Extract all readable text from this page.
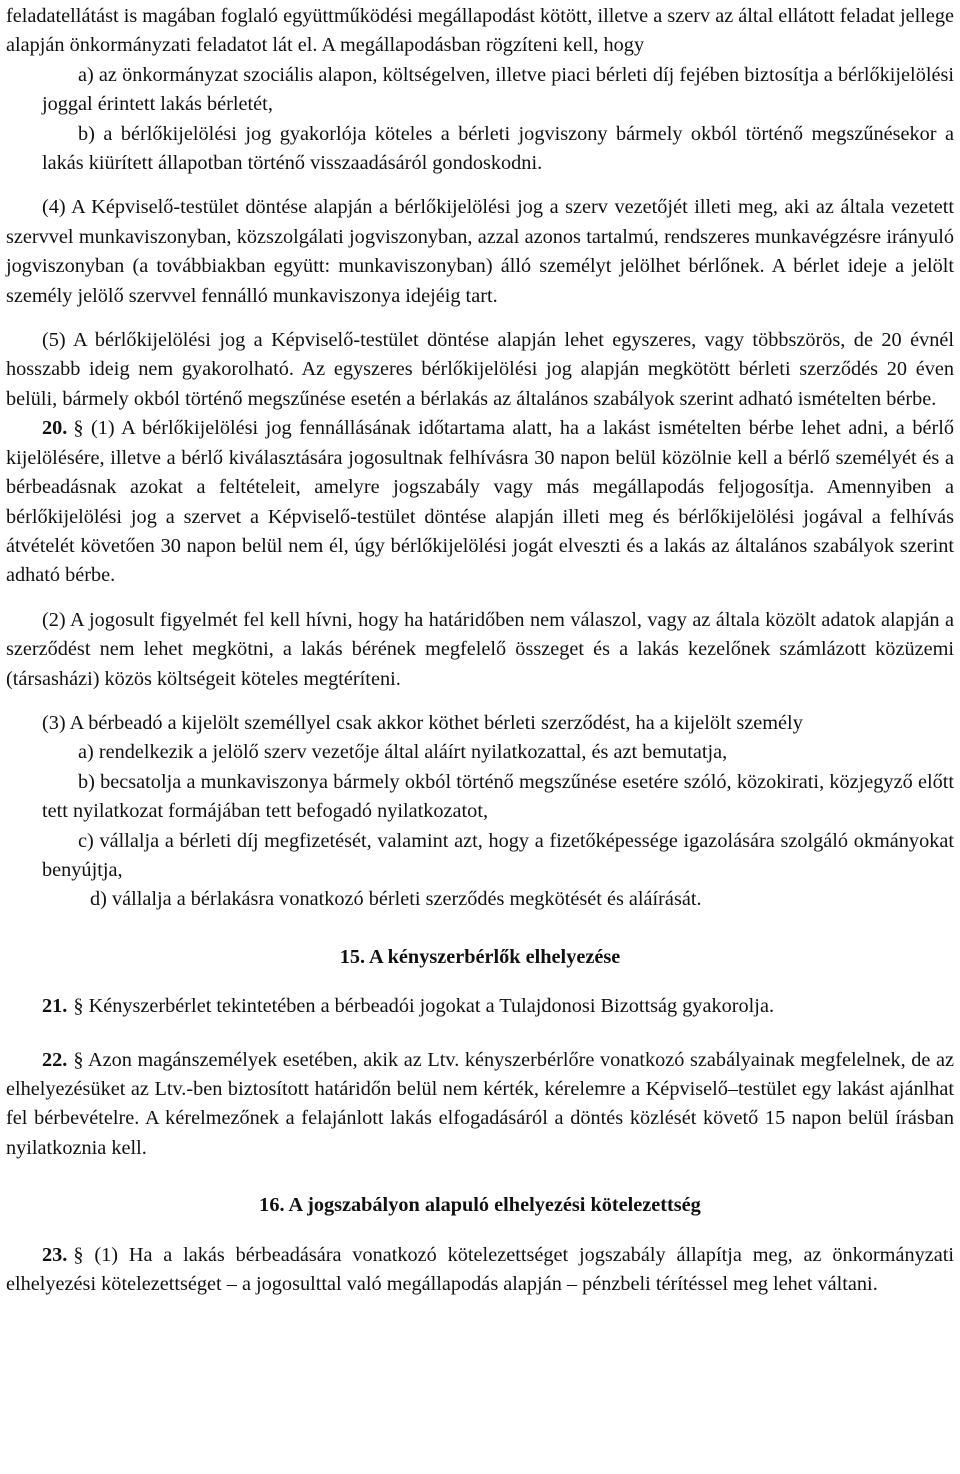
feladatellátást is magában foglaló együttműködési megállapodást kötött, illetve a szerv az által ellátott feladat jellege alapján önkormányzati feladatot lát el. A megállapodásban rögzíteni kell, hogy

a) az önkormányzat szociális alapon, költségelven, illetve piaci bérleti díj fejében biztosítja a bérlőkijelölési joggal érintett lakás bérletét,

b) a bérlőkijelölési jog gyakorlója köteles a bérleti jogviszony bármely okból történő megszűnésekor a lakás kiürített állapotban történő visszaadásáról gondoskodni.

(4) A Képviselő-testület döntése alapján a bérlőkijelölési jog a szerv vezetőjét illeti meg, aki az általa vezetett szervvel munkaviszonyban, közszolgálati jogviszonyban, azzal azonos tartalmú, rendszeres munkavégzésre irányuló jogviszonyban (a továbbiakban együtt: munkaviszonyban) álló személyt jelölhet bérlőnek. A bérlet ideje a jelölt személy jelölő szervvel fennálló munkaviszonya idejéig tart.

(5) A bérlőkijelölési jog a Képviselő-testület döntése alapján lehet egyszeres, vagy többszörös, de 20 évnél hosszabb ideig nem gyakorolható. Az egyszeres bérlőkijelölési jog alapján megkötött bérleti szerződés 20 éven belüli, bármely okból történő megszűnése esetén a bérlakás az általános szabályok szerint adható ismételten bérbe.

20. § (1) A bérlőkijelölési jog fennállásának időtartama alatt, ha a lakást ismételten bérbe lehet adni, a bérlő kijelölésére, illetve a bérlő kiválasztására jogosultnak felhívásra 30 napon belül közölnie kell a bérlő személyét és a bérbeadásnak azokat a feltételeit, amelyre jogszabály vagy más megállapodás feljogosítja. Amennyiben a bérlőkijelölési jog a szervet a Képviselő-testület döntése alapján illeti meg és bérlőkijelölési jogával a felhívás átvételét követően 30 napon belül nem él, úgy bérlőkijelölési jogát elveszti és a lakás az általános szabályok szerint adható bérbe.

(2) A jogosult figyelmét fel kell hívni, hogy ha határidőben nem válaszol, vagy az általa közölt adatok alapján a szerződést nem lehet megkötni, a lakás bérének megfelelő összeget és a lakás kezelőnek számlázott közüzemi (társasházi) közös költségeit köteles megtéríteni.

(3) A bérbeadó a kijelölt személlyel csak akkor köthet bérleti szerződést, ha a kijelölt személy

a) rendelkezik a jelölő szerv vezetője által aláírt nyilatkozattal, és azt bemutatja,

b) becsatolja a munkaviszonya bármely okból történő megszűnése esetére szóló, közokirati, közjegyző előtt tett nyilatkozat formájában tett befogadó nyilatkozatot,

c) vállalja a bérleti díj megfizetését, valamint azt, hogy a fizetőképessége igazolására szolgáló okmányokat benyújtja,

d) vállalja a bérlakásra vonatkozó bérleti szerződés megkötését és aláírását.

15. A kényszerbérlők elhelyezése

21. § Kényszerbérlet tekintetében a bérbeadói jogokat a Tulajdonosi Bizottság gyakorolja.

22. § Azon magánszemélyek esetében, akik az Ltv. kényszerbérlőre vonatkozó szabályainak megfelelnek, de az elhelyezésüket az Ltv.-ben biztosított határidőn belül nem kérték, kérelemre a Képviselő–testület egy lakást ajánlhat fel bérbevételre. A kérelmezőnek a felajánlott lakás elfogadásáról a döntés közlését követő 15 napon belül írásban nyilatkoznia kell.

16. A jogszabályon alapuló elhelyezési kötelezettség

23. § (1) Ha a lakás bérbeadására vonatkozó kötelezettséget jogszabály állapítja meg, az önkormányzati elhelyezési kötelezettséget – a jogosulttal való megállapodás alapján – pénzbeli térítéssel meg lehet váltani.
